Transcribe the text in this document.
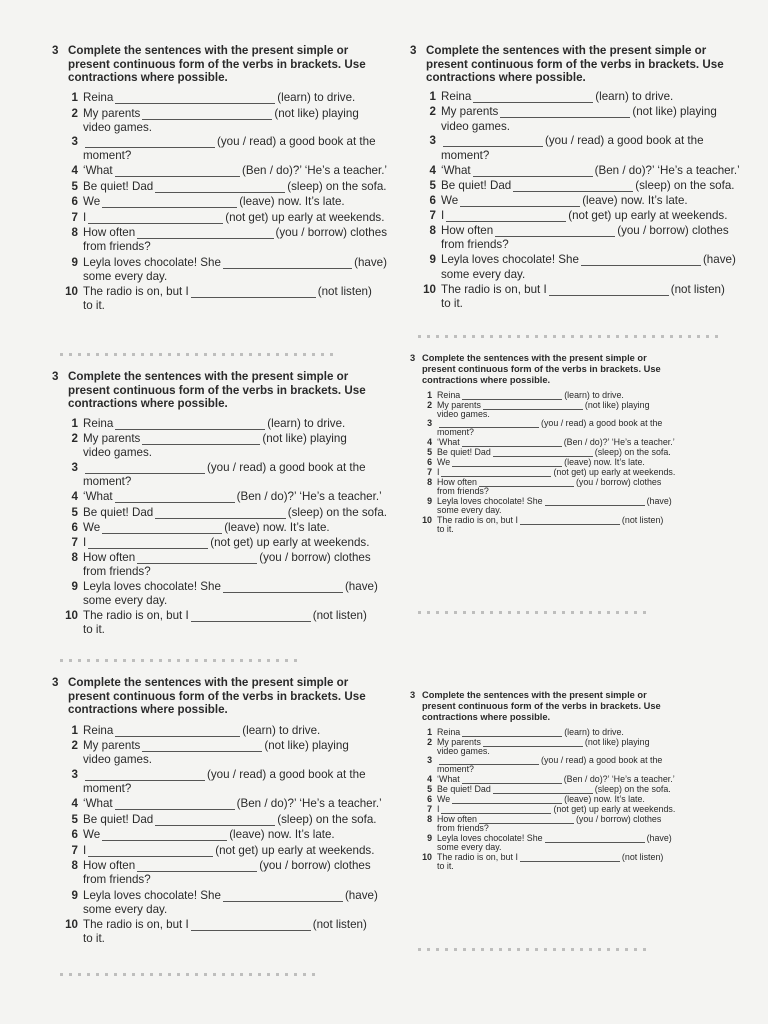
3 Complete the sentences with the present simple or
present continuous form of the verbs in brackets. Use
contractions where possible.
1 Reina	(learn) to drive.
2 My parents	(not like) playing
video games.
3	(you / read) a good book at the
moment?
4 ‘What	(Ben / do)?’ ‘He’s a teacher.’
5 Be quiet! Dad	(sleep) on the sofa.
6 We	(leave) now. It’s late.
7 I	(not get) up early at weekends.
8 How often	(you / borrow) clothes
from friends?
9 Leyla loves chocolate! She	(have)
some every day.
10 The radio is on, but I	(not listen)
to it.
3 Complete the sentences with the present simple or
present continuous form of the verbs in brackets. Use
contractions where possible.
1 Reina	(learn) to drive.
2 My parents	(not like) playing
video games.
3	(you / read) a good book at the
moment?
4 ‘What	(Ben / do)?’ ‘He’s a teacher.’
5 Be quiet! Dad	(sleep) on the sofa.
6 We	(leave) now. It’s late.
7 I	(not get) up early at weekends.
8 How often	(you / borrow) clothes
from friends?
9 Leyla loves chocolate! She	(have)
some every day.
10 The radio is on, but I	(not listen)
to it.
3 Complete the sentences with the present simple or
present continuous form of the verbs in brackets. Use
contractions where possible.
1 Reina	(learn) to drive.
2 My parents	(not like) playing
video games.
3	(you / read) a good book at the
moment?
4 ‘What	(Ben / do)?’ ‘He’s a teacher.’
5 Be quiet! Dad	(sleep) on the sofa.
6 We	(leave) now. It’s late.
7 I	(not get) up early at weekends.
8 How often	(you / borrow) clothes
from friends?
9 Leyla loves chocolate! She	(have)
some every day.
10 The radio is on, but I	(not listen)
to it.
3 Complete the sentences with the present simple or
present continuous form of the verbs in brackets. Use
contractions where possible.
1 Reina	(learn) to drive.
2 My parents	(not like) playing
video games.
3	(you / read) a good book at the
moment?
4 ‘What	(Ben / do)?’ ‘He’s a teacher.’
5 Be quiet! Dad	(sleep) on the sofa.
6 We	(leave) now. It’s late.
7 I	(not get) up early at weekends.
8 How often	(you / borrow) clothes
from friends?
9 Leyla loves chocolate! She	(have)
some every day.
10 The radio is on, but I	(not listen)
to it.
3 Complete the sentences with the present simple or
present continuous form of the verbs in brackets. Use
contractions where possible.
1 Reina	(learn) to drive.
2 My parents	(not like) playing
video games.
3	(you / read) a good book at the
moment?
4 ‘What	(Ben / do)?’ ‘He’s a teacher.’
5 Be quiet! Dad	(sleep) on the sofa.
6 We	(leave) now. It’s late.
7 I	(not get) up early at weekends.
8 How often	(you / borrow) clothes
from friends?
9 Leyla loves chocolate! She	(have)
some every day.
10 The radio is on, but I	(not listen)
to it.
3 Complete the sentences with the present simple or
present continuous form of the verbs in brackets. Use
contractions where possible.
1 Reina	(learn) to drive.
2 My parents	(not like) playing
video games.
3	(you / read) a good book at the
moment?
4 ‘What	(Ben / do)?’ ‘He’s a teacher.’
5 Be quiet! Dad	(sleep) on the sofa.
6 We	(leave) now. It’s late.
7 I	(not get) up early at weekends.
8 How often	(you / borrow) clothes
from friends?
9 Leyla loves chocolate! She	(have)
some every day.
10 The radio is on, but I	(not listen)
to it.
